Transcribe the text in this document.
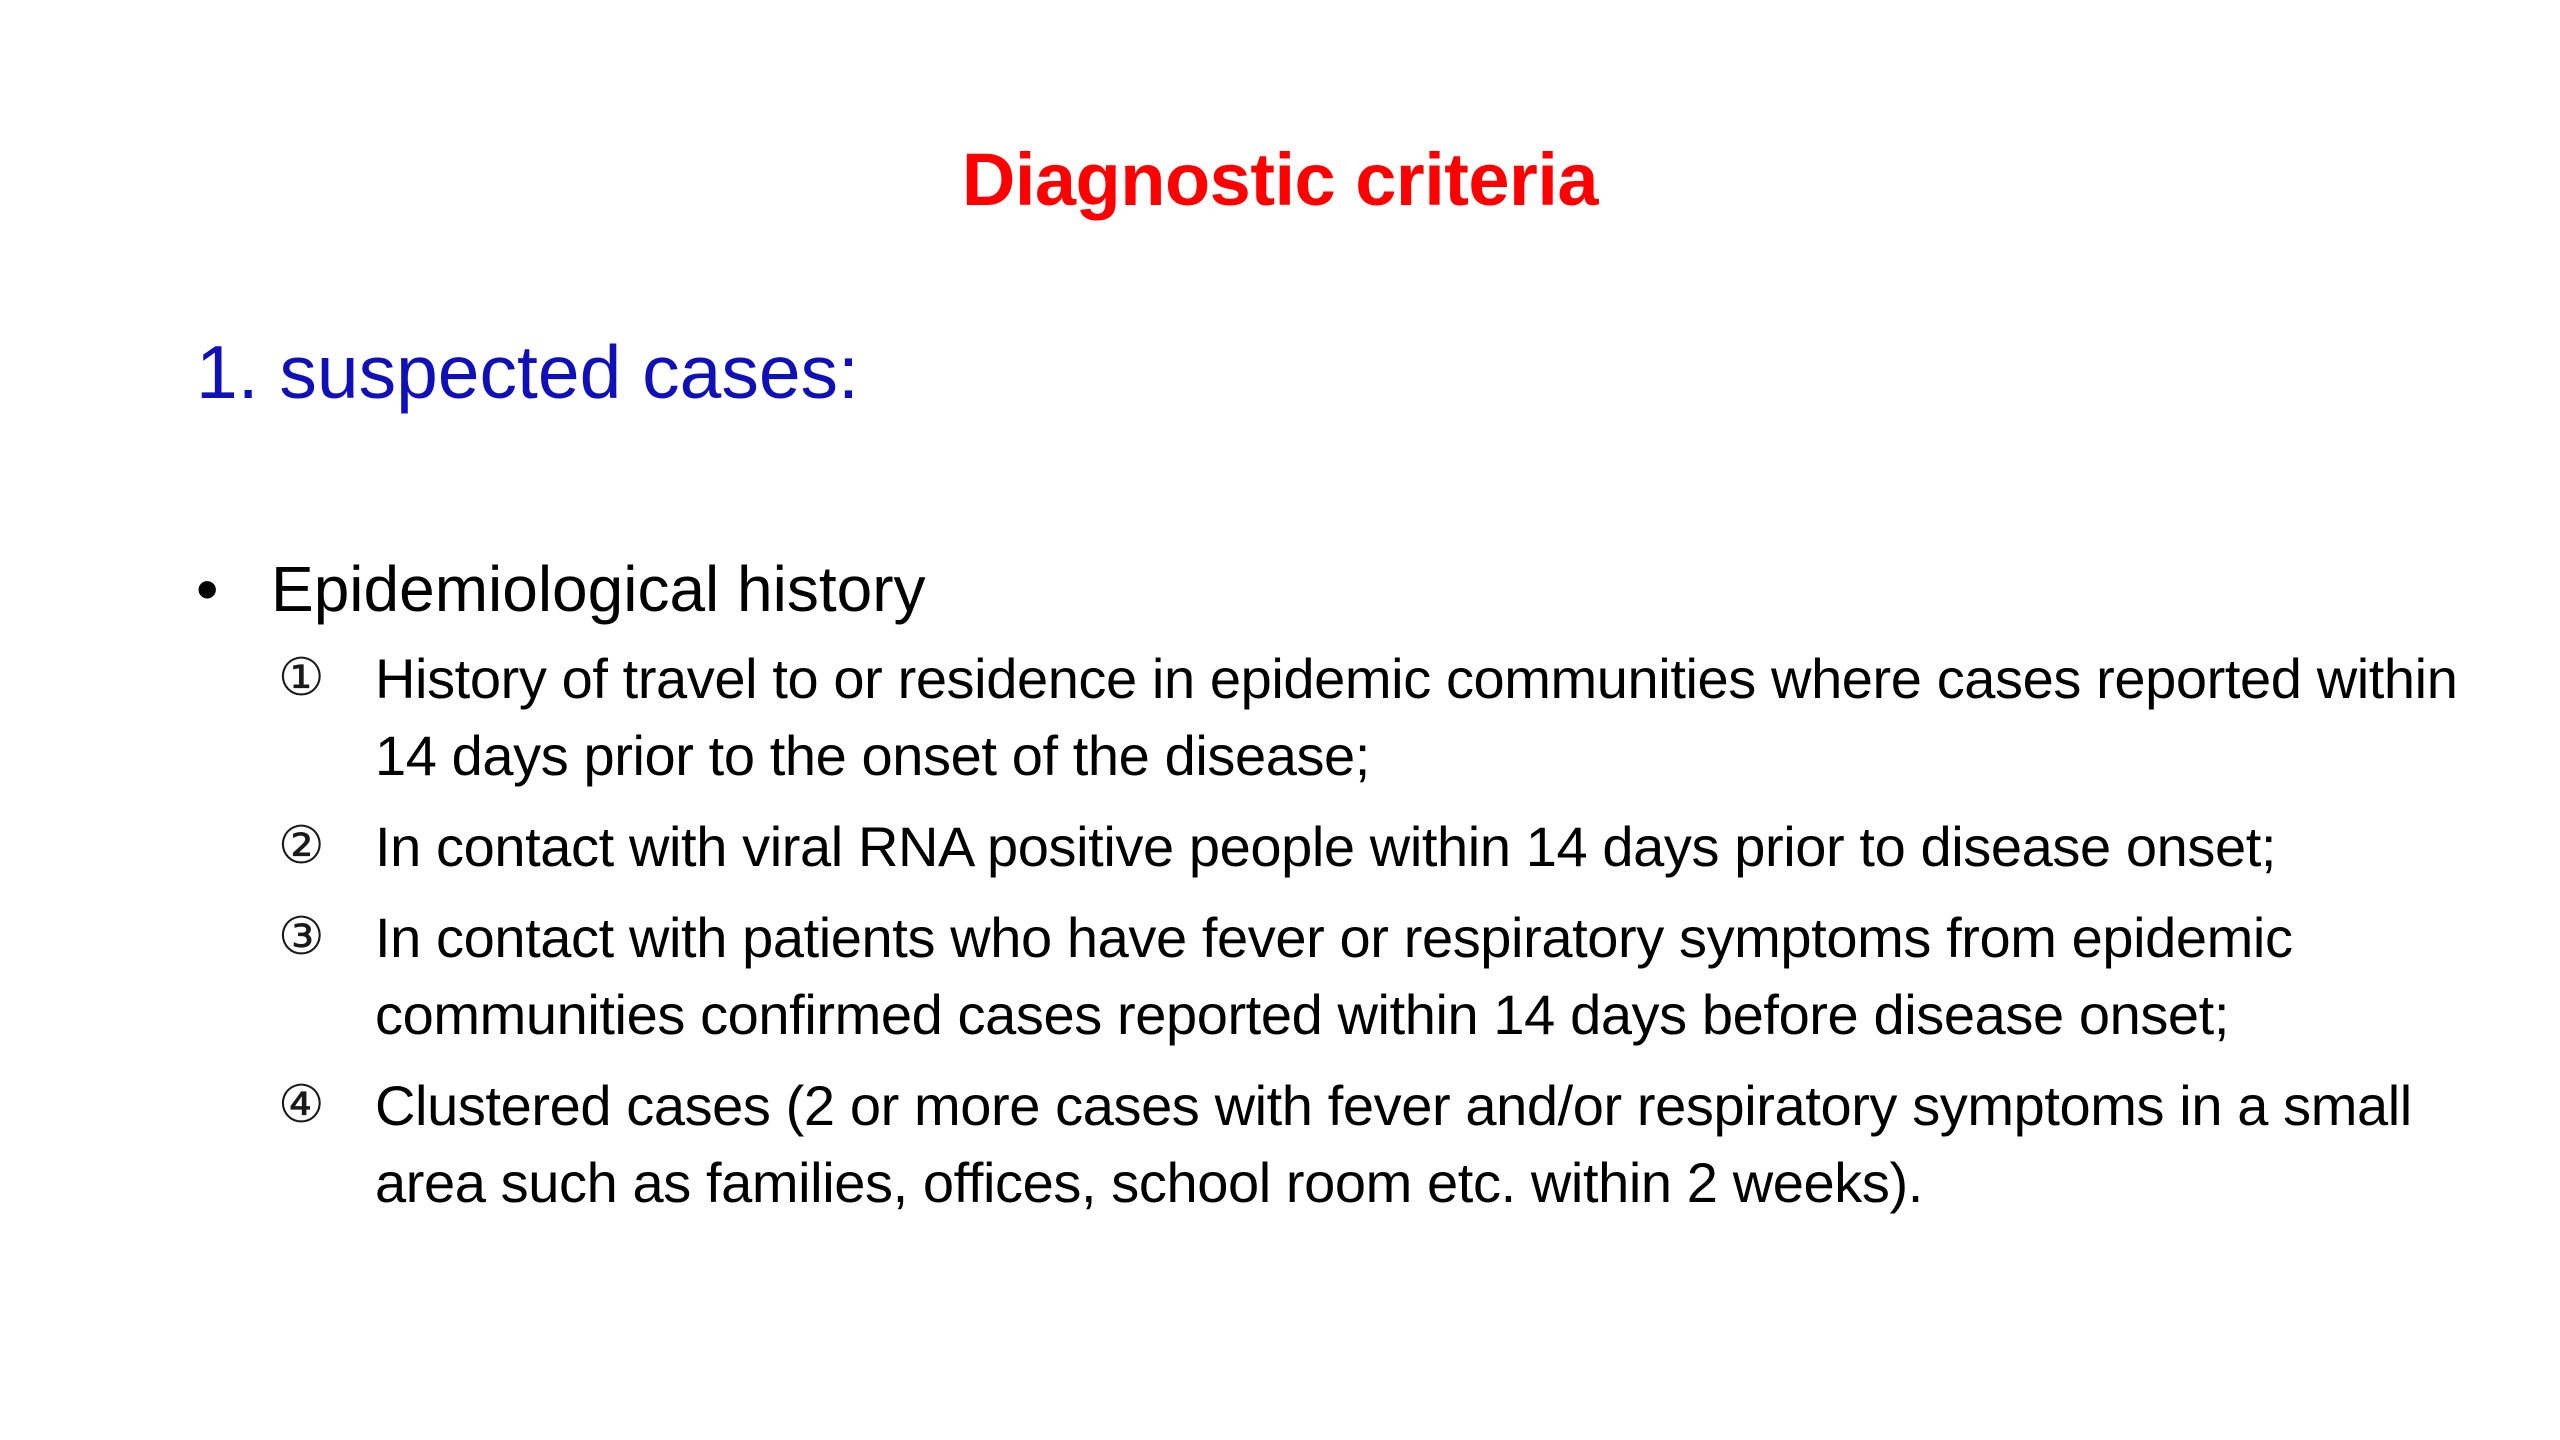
Diagnostic criteria
1. suspected cases:
• Epidemiological history
① History of travel to or residence in epidemic communities where cases reported within 14 days prior to the onset of the disease;
② In contact with viral RNA positive people within 14 days prior to disease onset;
③ In contact with patients who have fever or respiratory symptoms from epidemic communities confirmed cases reported within 14 days before disease onset;
④ Clustered cases (2 or more cases with fever and/or respiratory symptoms in a small area such as families, offices, school room etc. within 2 weeks).
